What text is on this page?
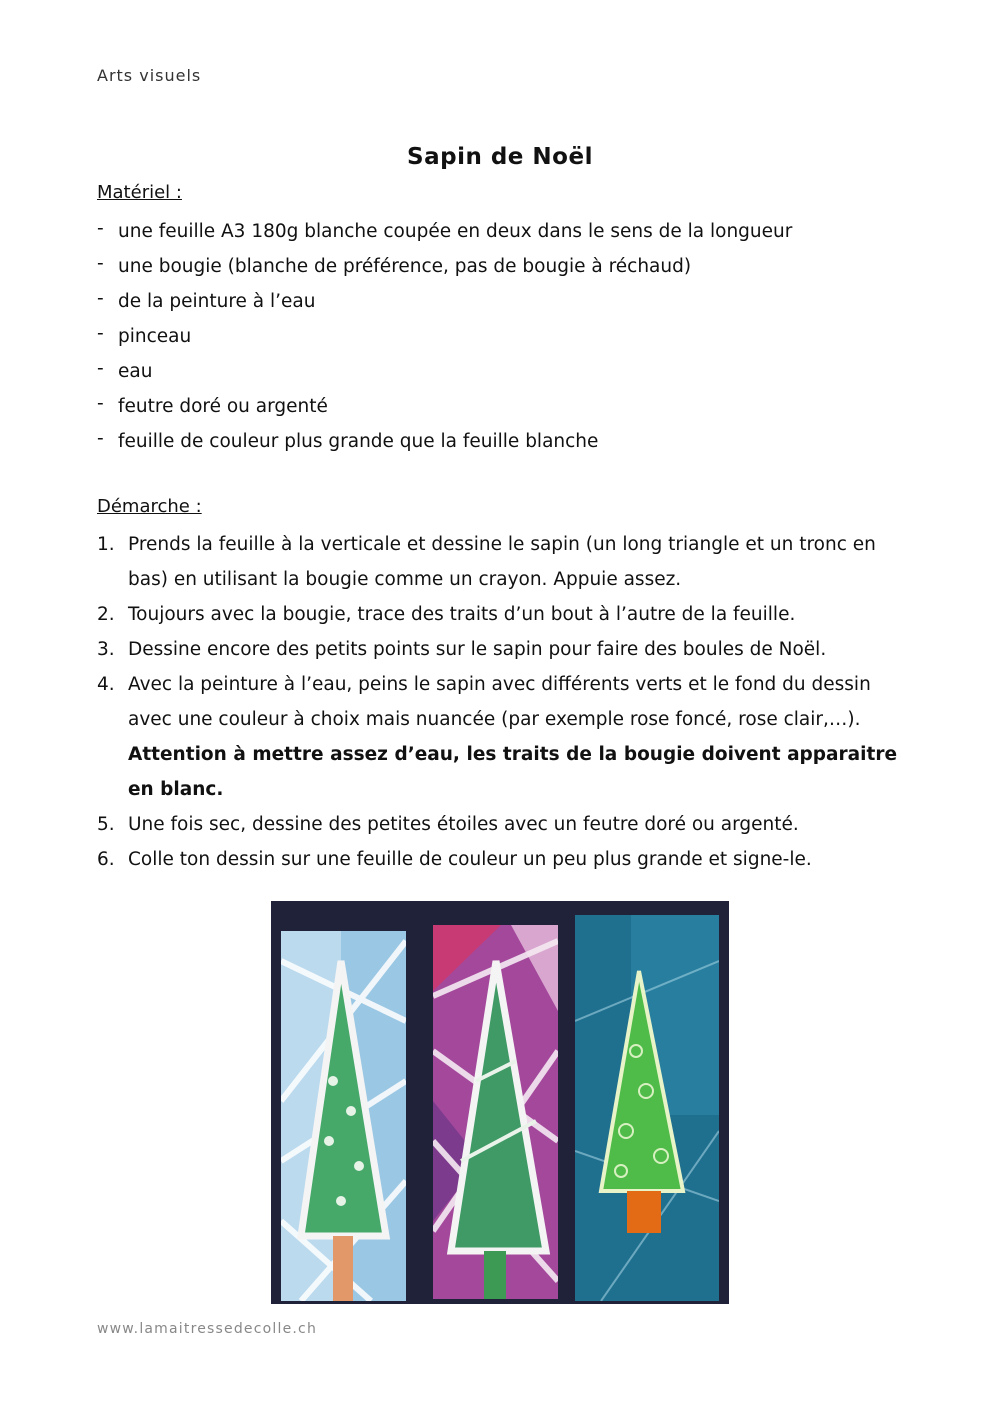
Arts visuels
Sapin de Noël
Matériel :
- une feuille A3 180g blanche coupée en deux dans le sens de la longueur
- une bougie (blanche de préférence, pas de bougie à réchaud)
- de la peinture à l’eau
- pinceau
- eau
- feutre doré ou argenté
- feuille de couleur plus grande que la feuille blanche
Démarche :
1. Prends la feuille à la verticale et dessine le sapin (un long triangle et un tronc en bas) en utilisant la bougie comme un crayon. Appuie assez.
2. Toujours avec la bougie, trace des traits d’un bout à l’autre de la feuille.
3. Dessine encore des petits points sur le sapin pour faire des boules de Noël.
4. Avec la peinture à l’eau, peins le sapin avec différents verts et le fond du dessin avec une couleur à choix mais nuancée (par exemple rose foncé, rose clair,…).
Attention à mettre assez d’eau, les traits de la bougie doivent apparaitre en blanc.
5. Une fois sec, dessine des petites étoiles avec un feutre doré ou argenté.
6. Colle ton dessin sur une feuille de couleur un peu plus grande et signe-le.
www.lamaitressedecolle.ch
